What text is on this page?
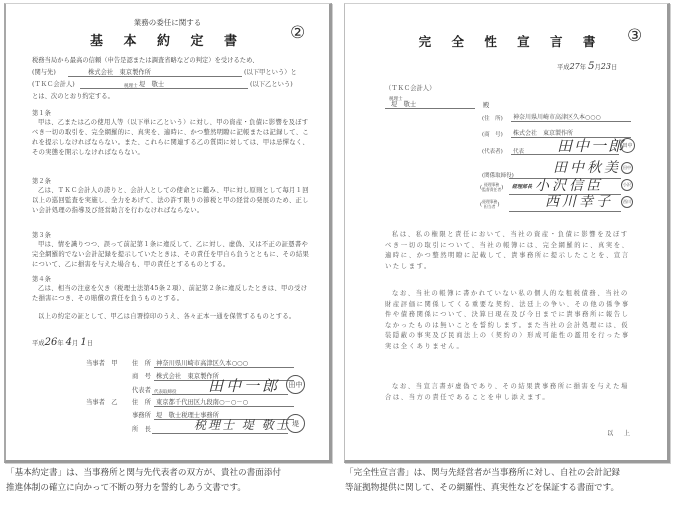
業務の委任に関する
基 本 約 定 書	②
税務当局から最高の信頼（申告是認または調査省略などの判定）を受けるため、
(関与先)	株式会社　東京製作所	(以下甲という）と
(ＴＫＣ会計人)	税理士 堤　敬士	(以下乙という)
とは、次のとおり約定する。
第１条
甲は、乙または乙の使用人等（以下単に乙という）に対し、甲の資産・負債に影響を及ぼすべき一切の取引を、完全網羅的に、真実を、適時に、かつ整然明瞭に記帳または記録して、これを提示しなければならない。また、これらに関連する乙の質問に対しては、甲は忌憚なく、その実態を開示しなければならない。
第２条
乙は、ＴＫＣ会計人の誇りと、会計人としての使命とに鑑み、甲に対し原則として毎月１回以上の巡回監査を実施し、全力をあげて、法の許す限りの節税と甲の経営の発展のため、正しい会計処理の指導及び経営助言を行わなければならない。
第３条
甲は、情を識りつつ、誤って前記第１条に違反して、乙に対し、虚偽、又は不正の証憑書や完全網羅的でない会計記録を提示していたときは、その責任を甲自ら負うとともに、その結果について、乙に損害を与えた場合も、甲の責任とするものとする。
第４条
乙は、相当の注意を欠き（税理士法第45条２項）、前記第２条に違反したときは、甲の受けた損害につき、その賠償の責任を負うものとする。
以上の約定の証として、甲乙は自署捺印のうえ、各々正本一通を保管するものとする。
平成26年 4月 1日
当事者　甲 住　所 神奈川県川崎市高津区久本○○○
商　号 株式会社　東京製作所
代表者 代表取締役 田中一郎	田中
当事者　乙 住　所 東京都千代田区九段南○－○－○
事務所 堤　敬士税理士事務所
所　長	税理士 堤 敬士 堤
完 全 性 宣 言 書	③
平成27年 5月23日
（ＴＫＣ会計人）
税理士
堤　敬士	殿
(住　所) 神奈川県川崎市高津区久本○○○
(商　号) 株式会社　東京製作所
(代表者) 代表 田中一郎
田中
(関係取締役)	田中秋美 田中
(経理事務
監督責任者) 経理部長 小沢信臣	小沢
(経理事務
担当者 )	西川幸子	西川
私は、私の権限と責任において、当社の資産・負債に影響を及ぼすべき一切の取引について、当社の帳簿には、完全網羅的に、真実を、適時に、かつ整然明瞭に記載して、貴事務所に提示したことを、宣言いたします。
なお、当社の帳簿に書かれていない私の個人的な租税債務、当社の財産評価に関係してくる重要な契約、法廷上の争い、その他の係争事件や債務関係について、決算日現在及び今日までに貴事務所に報告しなかったものは無いことを誓約します。また当社の会計処理には、仮装隠蔽の事実及び民商法上の（契約の）形成可能性の濫用を行った事実は全くありません。
なお、当宣言書が虚偽であり、その結果貴事務所に損害を与えた場合は、当方の責任であることを申し添えます。
以　上
「基本約定書」は、当事務所と関与先代表者の双方が、貴社の書面添付
推進体制の確立に向かって不断の努力を誓約しあう文書です。
「完全性宣言書」は、関与先経営者が当事務所に対し、自社の会計記録
等証拠物提供に関して、その網羅性、真実性などを保証する書面です。
